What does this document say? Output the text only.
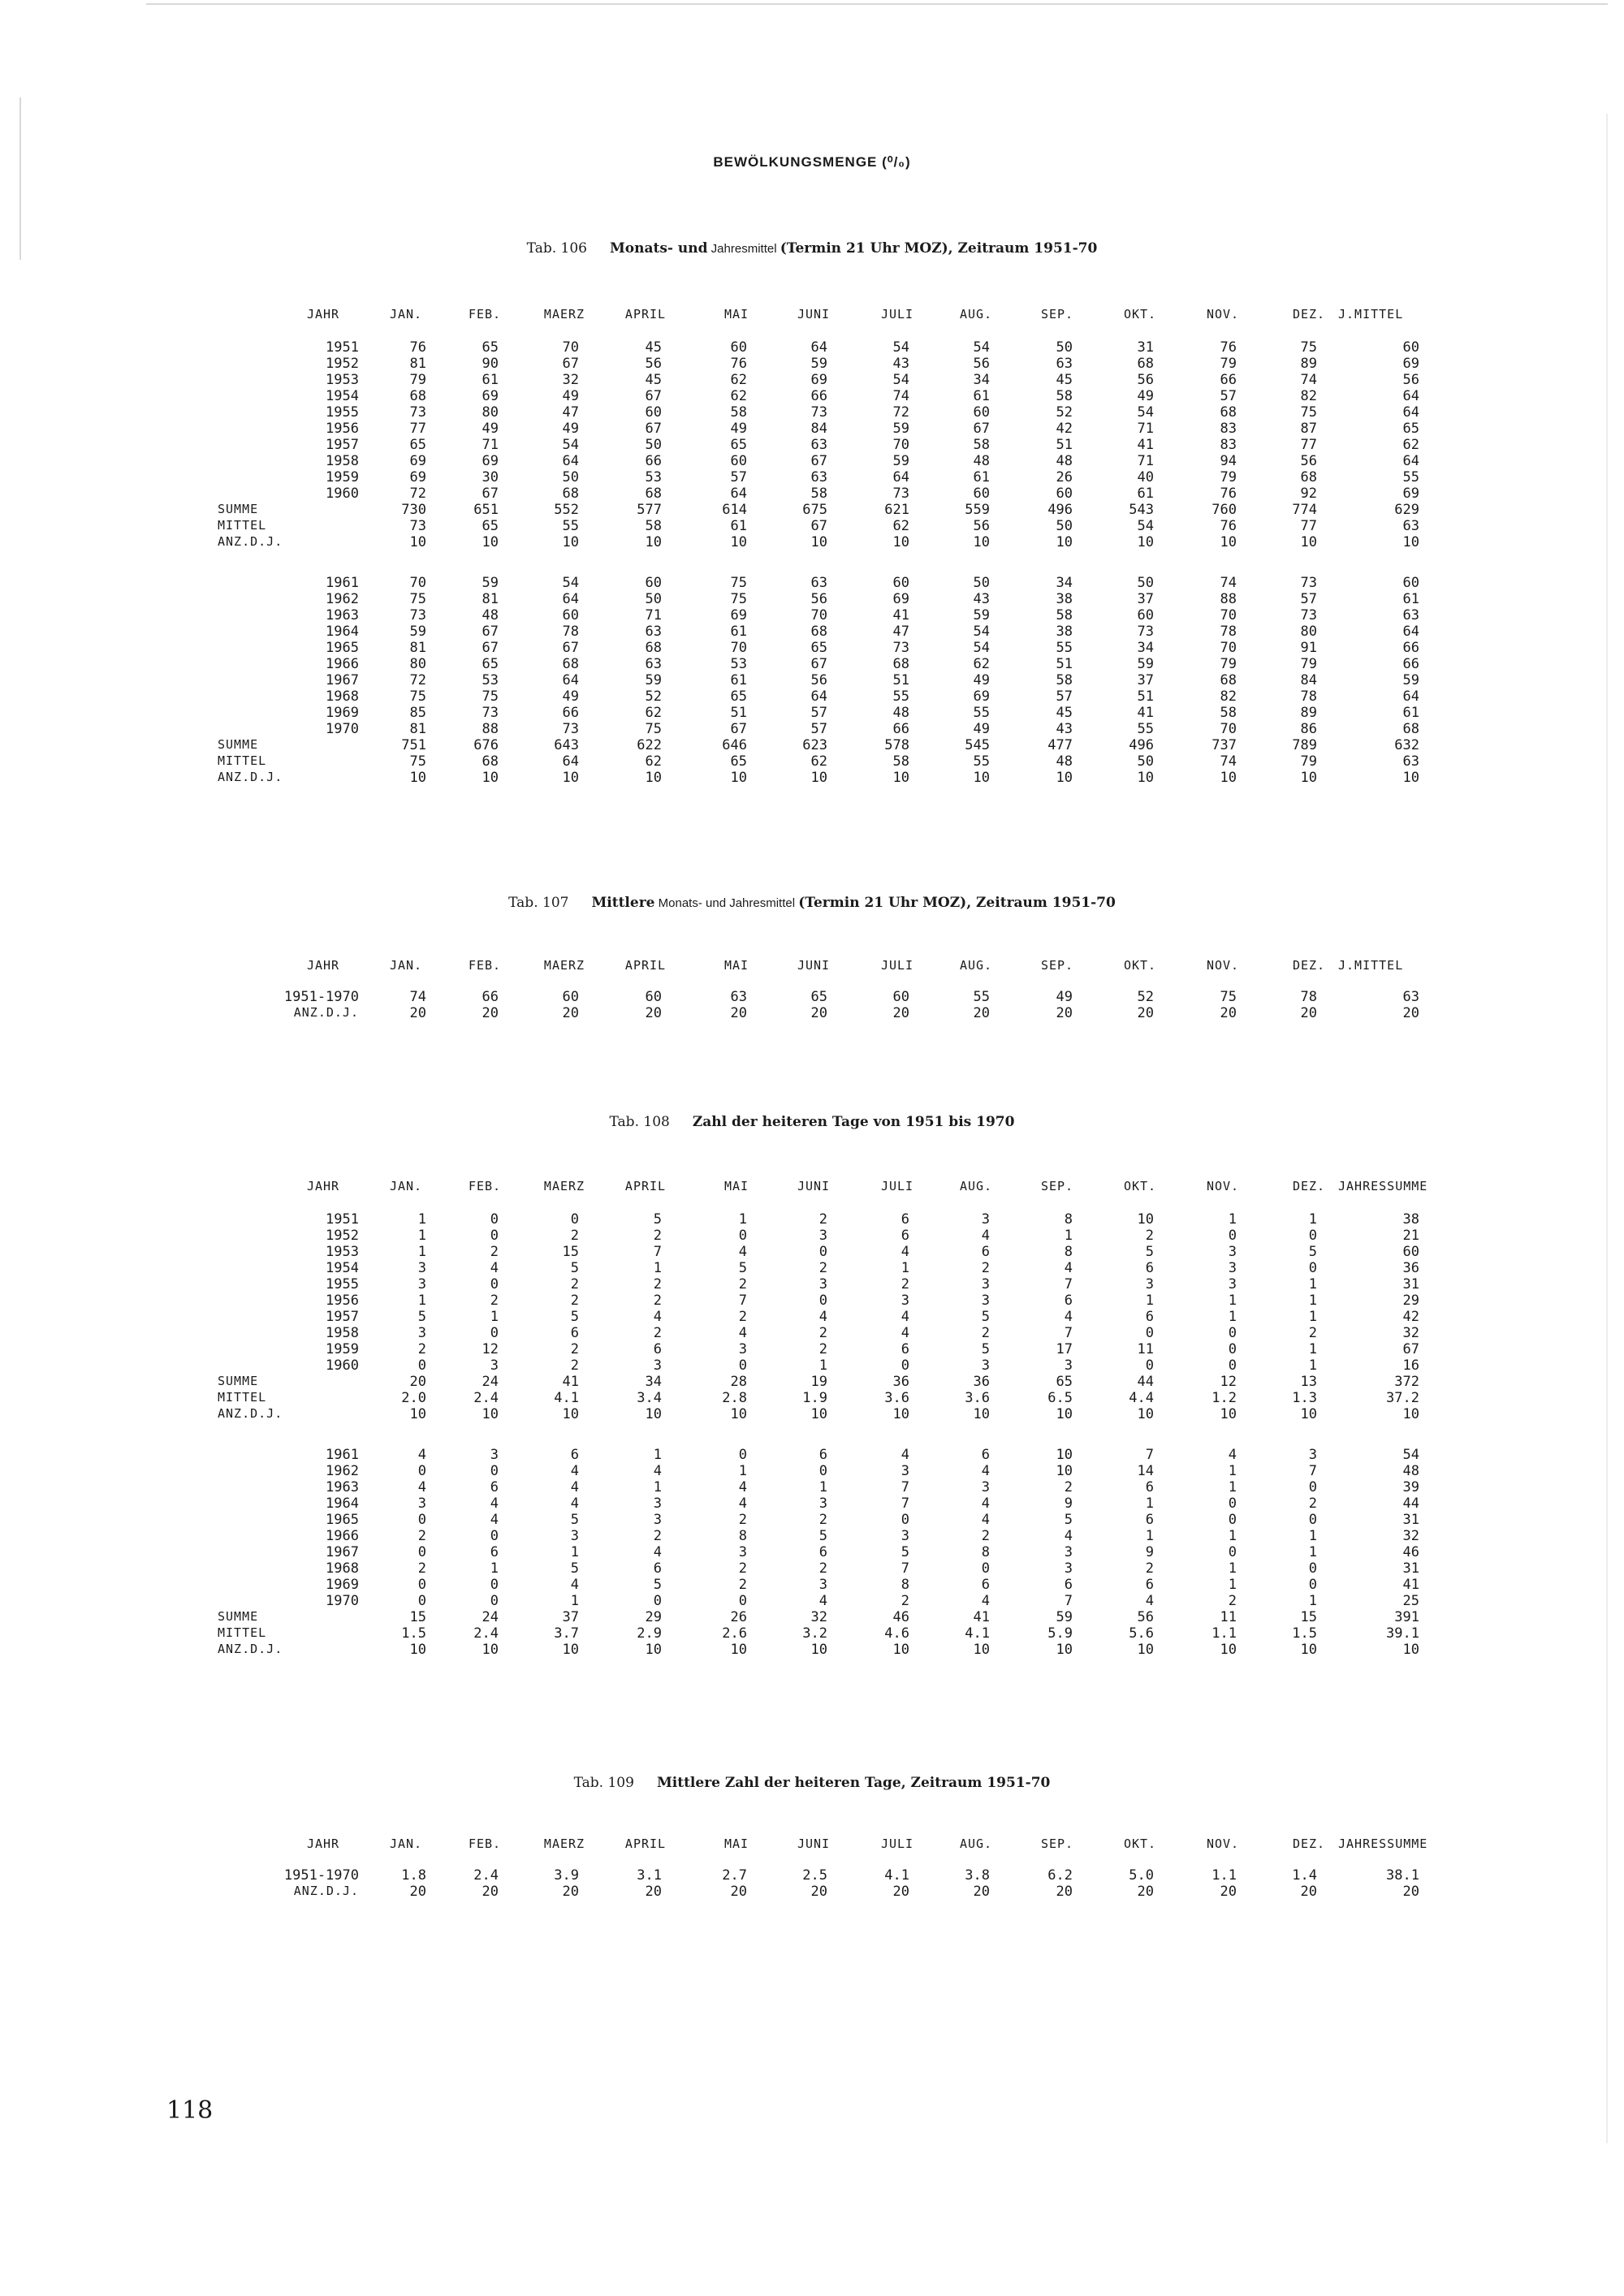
BEWÖLKUNGSMENGE (⁰/₀)
Tab. 106 Monats- und Jahresmittel (Termin 21 Uhr MOZ), Zeitraum 1951-70
JAHR	JAN.	FEB.	MAERZ	APRIL	MAI	JUNI	JULI	AUG.	SEP.	OKT.	NOV.	DEZ.	J.MITTEL
1951	76	65	70	45	60	64	54	54	50	31	76	75	60
1952	81	90	67	56	76	59	43	56	63	68	79	89	69
1953	79	61	32	45	62	69	54	34	45	56	66	74	56
1954	68	69	49	67	62	66	74	61	58	49	57	82	64
1955	73	80	47	60	58	73	72	60	52	54	68	75	64
1956	77	49	49	67	49	84	59	67	42	71	83	87	65
1957	65	71	54	50	65	63	70	58	51	41	83	77	62
1958	69	69	64	66	60	67	59	48	48	71	94	56	64
1959	69	30	50	53	57	63	64	61	26	40	79	68	55
1960	72	67	68	68	64	58	73	60	60	61	76	92	69
SUMME	730	651	552	577	614	675	621	559	496	543	760	774	629
MITTEL	73	65	55	58	61	67	62	56	50	54	76	77	63
ANZ.D.J.	10	10	10	10	10	10	10	10	10	10	10	10	10
1961	70	59	54	60	75	63	60	50	34	50	74	73	60
1962	75	81	64	50	75	56	69	43	38	37	88	57	61
1963	73	48	60	71	69	70	41	59	58	60	70	73	63
1964	59	67	78	63	61	68	47	54	38	73	78	80	64
1965	81	67	67	68	70	65	73	54	55	34	70	91	66
1966	80	65	68	63	53	67	68	62	51	59	79	79	66
1967	72	53	64	59	61	56	51	49	58	37	68	84	59
1968	75	75	49	52	65	64	55	69	57	51	82	78	64
1969	85	73	66	62	51	57	48	55	45	41	58	89	61
1970	81	88	73	75	67	57	66	49	43	55	70	86	68
SUMME	751	676	643	622	646	623	578	545	477	496	737	789	632
MITTEL	75	68	64	62	65	62	58	55	48	50	74	79	63
ANZ.D.J.	10	10	10	10	10	10	10	10	10	10	10	10	10
Tab. 107 Mittlere Monats- und Jahresmittel (Termin 21 Uhr MOZ), Zeitraum 1951-70
JAHR	JAN.	FEB.	MAERZ	APRIL	MAI	JUNI	JULI	AUG.	SEP.	OKT.	NOV.	DEZ.	J.MITTEL
1951-1970	74	66	60	60	63	65	60	55	49	52	75	78	63
ANZ.D.J.	20	20	20	20	20	20	20	20	20	20	20	20	20
Tab. 108 Zahl der heiteren Tage von 1951 bis 1970
JAHR	JAN.	FEB.	MAERZ	APRIL	MAI	JUNI	JULI	AUG.	SEP.	OKT.	NOV.	DEZ.	JAHRESSUMME
1951	1	0	0	5	1	2	6	3	8	10	1	1	38
1952	1	0	2	2	0	3	6	4	1	2	0	0	21
1953	1	2	15	7	4	0	4	6	8	5	3	5	60
1954	3	4	5	1	5	2	1	2	4	6	3	0	36
1955	3	0	2	2	2	3	2	3	7	3	3	1	31
1956	1	2	2	2	7	0	3	3	6	1	1	1	29
1957	5	1	5	4	2	4	4	5	4	6	1	1	42
1958	3	0	6	2	4	2	4	2	7	0	0	2	32
1959	2	12	2	6	3	2	6	5	17	11	0	1	67
1960	0	3	2	3	0	1	0	3	3	0	0	1	16
SUMME	20	24	41	34	28	19	36	36	65	44	12	13	372
MITTEL	2.0	2.4	4.1	3.4	2.8	1.9	3.6	3.6	6.5	4.4	1.2	1.3	37.2
ANZ.D.J.	10	10	10	10	10	10	10	10	10	10	10	10	10
1961	4	3	6	1	0	6	4	6	10	7	4	3	54
1962	0	0	4	4	1	0	3	4	10	14	1	7	48
1963	4	6	4	1	4	1	7	3	2	6	1	0	39
1964	3	4	4	3	4	3	7	4	9	1	0	2	44
1965	0	4	5	3	2	2	0	4	5	6	0	0	31
1966	2	0	3	2	8	5	3	2	4	1	1	1	32
1967	0	6	1	4	3	6	5	8	3	9	0	1	46
1968	2	1	5	6	2	2	7	0	3	2	1	0	31
1969	0	0	4	5	2	3	8	6	6	6	1	0	41
1970	0	0	1	0	0	4	2	4	7	4	2	1	25
SUMME	15	24	37	29	26	32	46	41	59	56	11	15	391
MITTEL	1.5	2.4	3.7	2.9	2.6	3.2	4.6	4.1	5.9	5.6	1.1	1.5	39.1
ANZ.D.J.	10	10	10	10	10	10	10	10	10	10	10	10	10
Tab. 109 Mittlere Zahl der heiteren Tage, Zeitraum 1951-70
JAHR	JAN.	FEB.	MAERZ	APRIL	MAI	JUNI	JULI	AUG.	SEP.	OKT.	NOV.	DEZ.	JAHRESSUMME
1951-1970	1.8	2.4	3.9	3.1	2.7	2.5	4.1	3.8	6.2	5.0	1.1	1.4	38.1
ANZ.D.J.	20	20	20	20	20	20	20	20	20	20	20	20	20
118
